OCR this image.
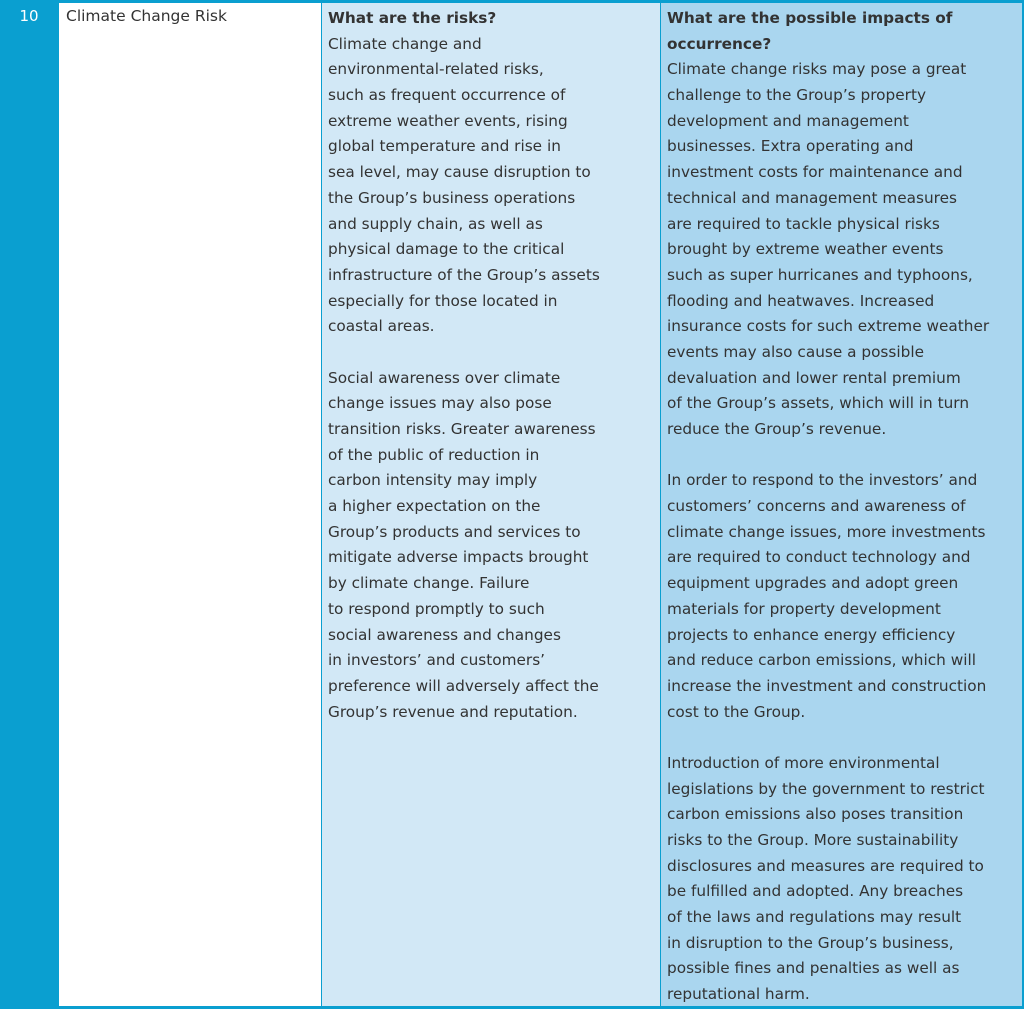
10	Climate Change Risk	What are the risks?
Climate change and
environmental-related risks,
such as frequent occurrence of
extreme weather events, rising
global temperature and rise in
sea level, may cause disruption to
the Group’s business operations
and supply chain, as well as
physical damage to the critical
infrastructure of the Group’s assets
especially for those located in
coastal areas.
Social awareness over climate
change issues may also pose
transition risks. Greater awareness
of the public of reduction in
carbon intensity may imply
a higher expectation on the
Group’s products and services to
mitigate adverse impacts brought
by climate change. Failure
to respond promptly to such
social awareness and changes
in investors’ and customers’
preference will adversely affect the
Group’s revenue and reputation.
What are the possible impacts of
occurrence?
Climate change risks may pose a great
challenge to the Group’s property
development and management
businesses. Extra operating and
investment costs for maintenance and
technical and management measures
are required to tackle physical risks
brought by extreme weather events
such as super hurricanes and typhoons,
flooding and heatwaves. Increased
insurance costs for such extreme weather
events may also cause a possible
devaluation and lower rental premium
of the Group’s assets, which will in turn
reduce the Group’s revenue.
In order to respond to the investors’ and
customers’ concerns and awareness of
climate change issues, more investments
are required to conduct technology and
equipment upgrades and adopt green
materials for property development
projects to enhance energy efficiency
and reduce carbon emissions, which will
increase the investment and construction
cost to the Group.
Introduction of more environmental
legislations by the government to restrict
carbon emissions also poses transition
risks to the Group. More sustainability
disclosures and measures are required to
be fulfilled and adopted. Any breaches
of the laws and regulations may result
in disruption to the Group’s business,
possible fines and penalties as well as
reputational harm.
